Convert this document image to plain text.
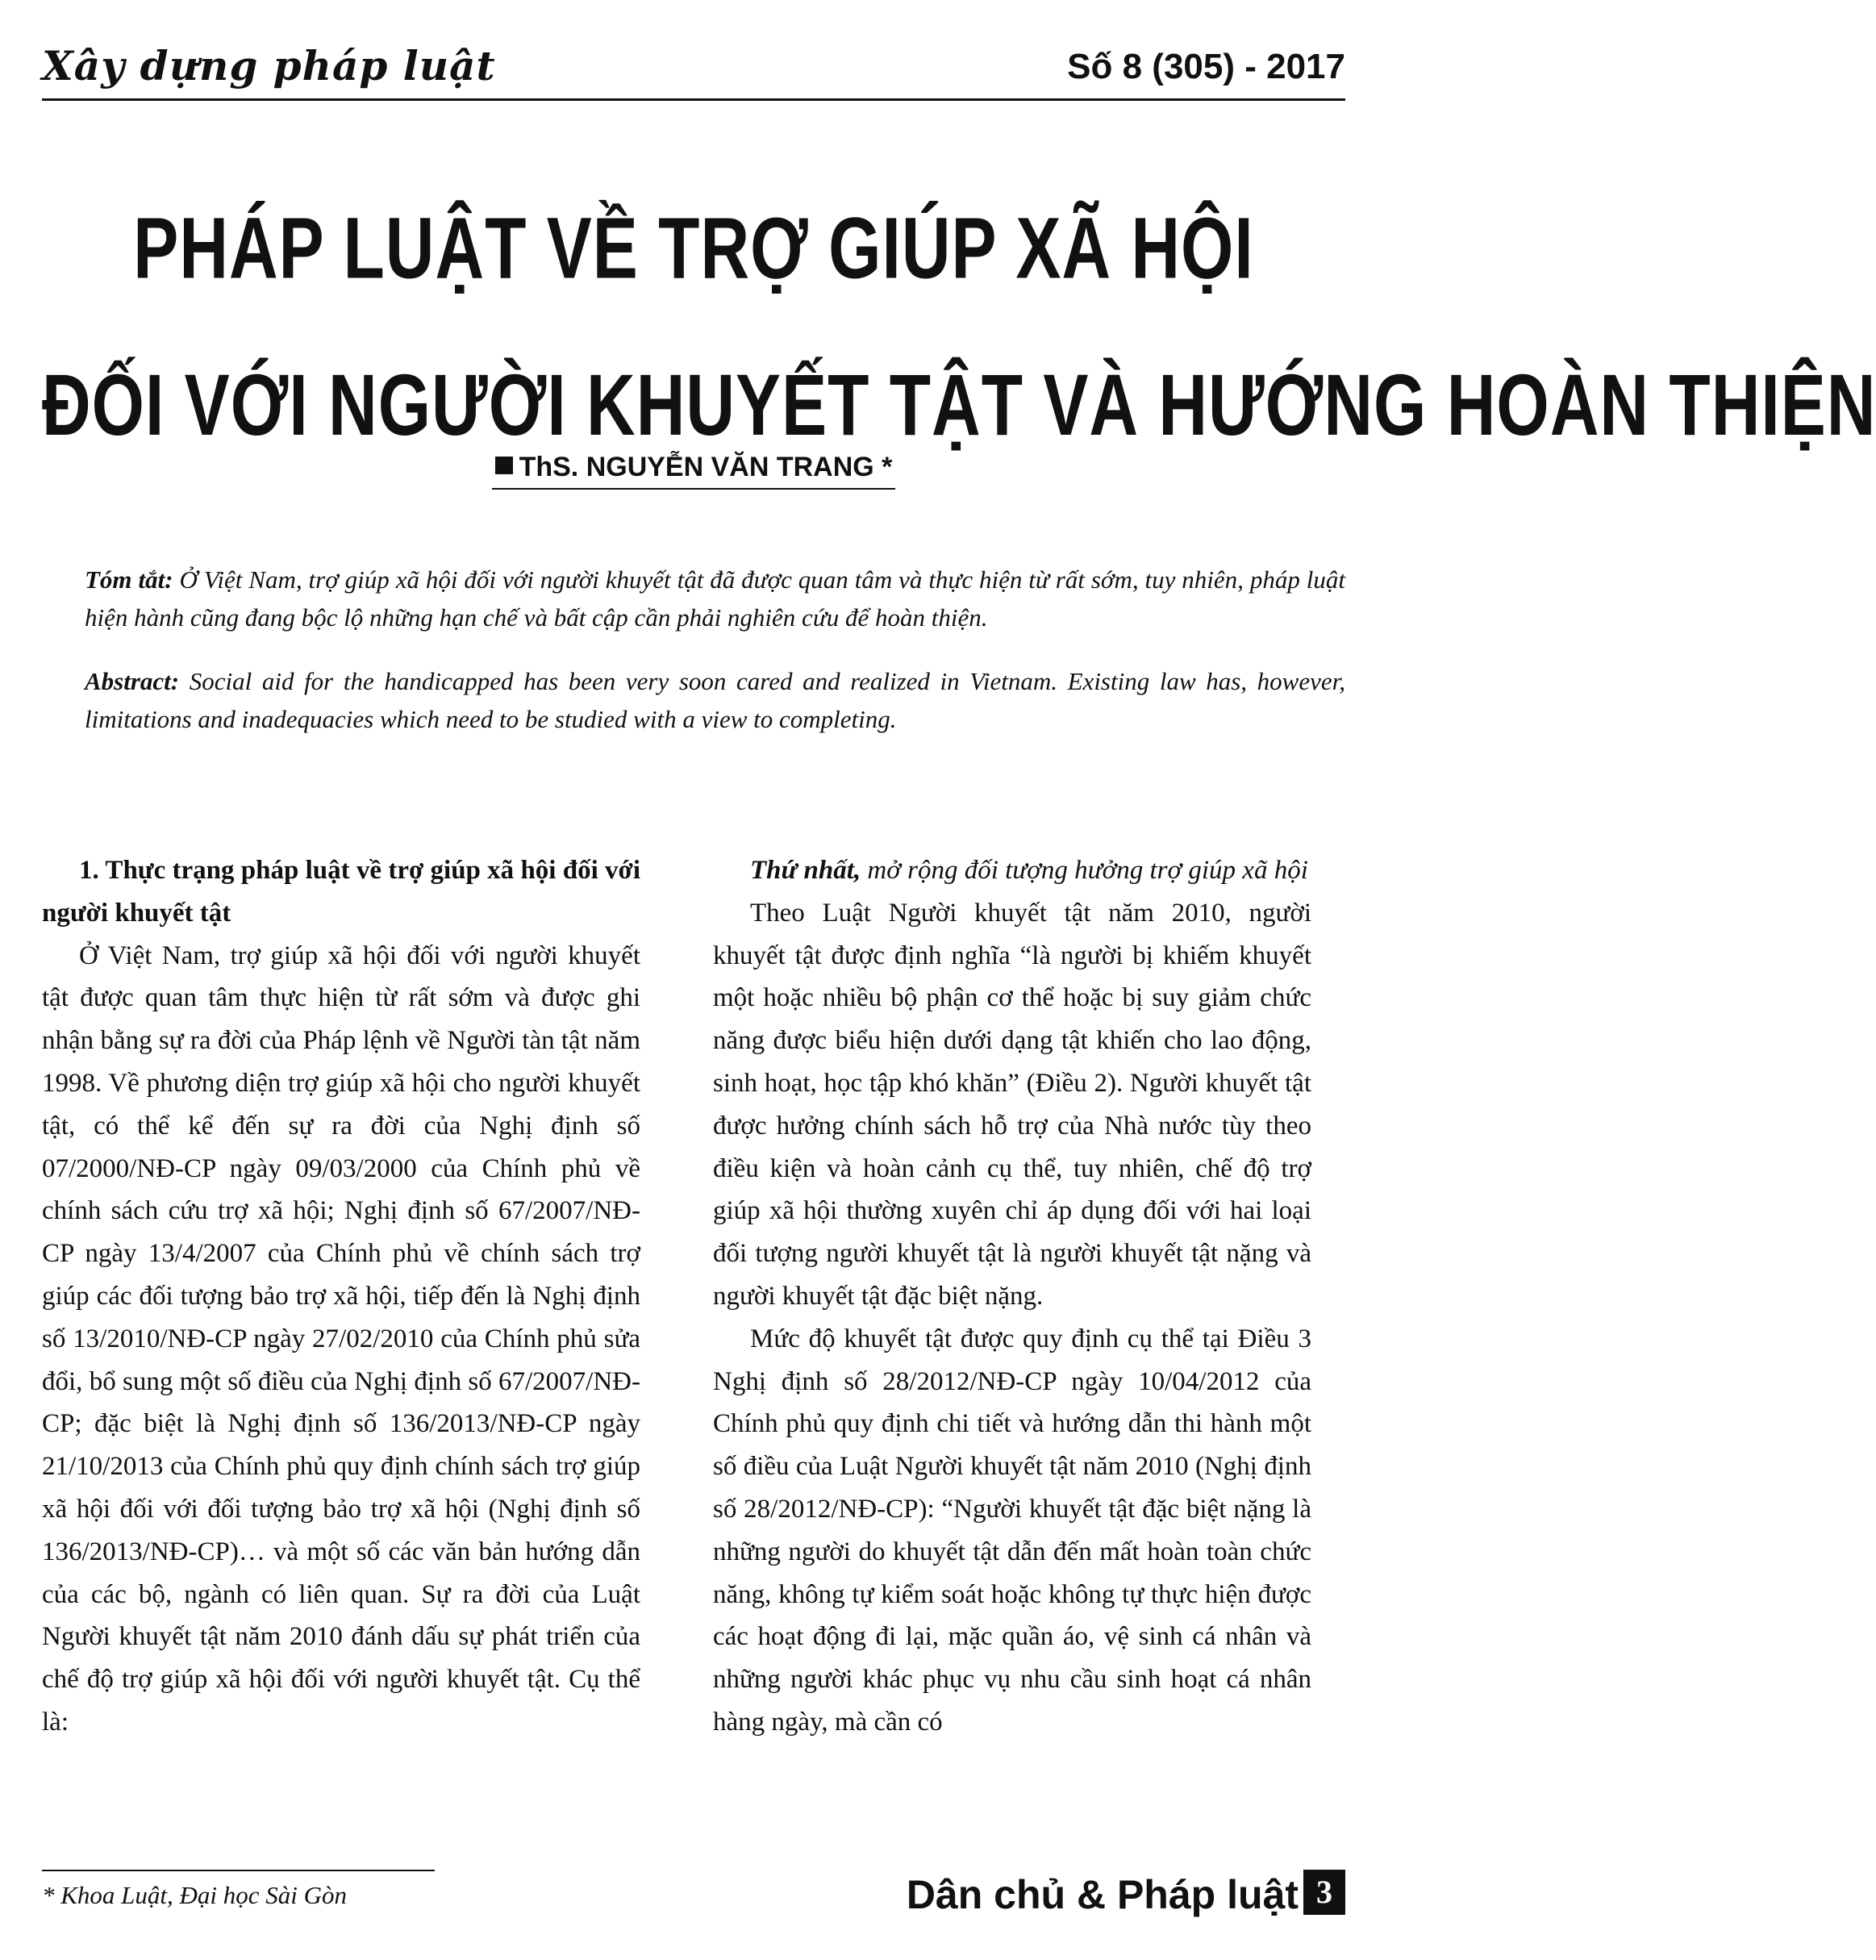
Xây dựng pháp luật	Số 8 (305) - 2017
PHÁP LUẬT VỀ TRỢ GIÚP XÃ HỘI
ĐỐI VỚI NGƯỜI KHUYẾT TẬT VÀ HƯỚNG HOÀN THIỆN
ThS. NGUYỄN VĂN TRANG *

Tóm tắt: Ở Việt Nam, trợ giúp xã hội đối với người khuyết tật đã được quan tâm và thực hiện từ rất sớm, tuy nhiên, pháp luật hiện hành cũng đang bộc lộ những hạn chế và bất cập cần phải nghiên cứu để hoàn thiện.

Abstract: Social aid for the handicapped has been very soon cared and realized in Vietnam. Existing law has, however, limitations and inadequacies which need to be studied with a view to completing.

1. Thực trạng pháp luật về trợ giúp xã hội đối với người khuyết tật

Ở Việt Nam, trợ giúp xã hội đối với người khuyết tật được quan tâm thực hiện từ rất sớm và được ghi nhận bằng sự ra đời của Pháp lệnh về Người tàn tật năm 1998. Về phương diện trợ giúp xã hội cho người khuyết tật, có thể kể đến sự ra đời của Nghị định số 07/2000/NĐ-CP ngày 09/03/2000 của Chính phủ về chính sách cứu trợ xã hội; Nghị định số 67/2007/NĐ-CP ngày 13/4/2007 của Chính phủ về chính sách trợ giúp các đối tượng bảo trợ xã hội, tiếp đến là Nghị định số 13/2010/NĐ-CP ngày 27/02/2010 của Chính phủ sửa đổi, bổ sung một số điều của Nghị định số 67/2007/NĐ-CP; đặc biệt là Nghị định số 136/2013/NĐ-CP ngày 21/10/2013 của Chính phủ quy định chính sách trợ giúp xã hội đối với đối tượng bảo trợ xã hội (Nghị định số 136/2013/NĐ-CP)… và một số các văn bản hướng dẫn của các bộ, ngành có liên quan. Sự ra đời của Luật Người khuyết tật năm 2010 đánh dấu sự phát triển của chế độ trợ giúp xã hội đối với người khuyết tật. Cụ thể là:

Thứ nhất, mở rộng đối tượng hưởng trợ giúp xã hội

Theo Luật Người khuyết tật năm 2010, người khuyết tật được định nghĩa “là người bị khiếm khuyết một hoặc nhiều bộ phận cơ thể hoặc bị suy giảm chức năng được biểu hiện dưới dạng tật khiến cho lao động, sinh hoạt, học tập khó khăn” (Điều 2). Người khuyết tật được hưởng chính sách hỗ trợ của Nhà nước tùy theo điều kiện và hoàn cảnh cụ thể, tuy nhiên, chế độ trợ giúp xã hội thường xuyên chỉ áp dụng đối với hai loại đối tượng người khuyết tật là người khuyết tật nặng và người khuyết tật đặc biệt nặng.

Mức độ khuyết tật được quy định cụ thể tại Điều 3 Nghị định số 28/2012/NĐ-CP ngày 10/04/2012 của Chính phủ quy định chi tiết và hướng dẫn thi hành một số điều của Luật Người khuyết tật năm 2010 (Nghị định số 28/2012/NĐ-CP): “Người khuyết tật đặc biệt nặng là những người do khuyết tật dẫn đến mất hoàn toàn chức năng, không tự kiểm soát hoặc không tự thực hiện được các hoạt động đi lại, mặc quần áo, vệ sinh cá nhân và những người khác phục vụ nhu cầu sinh hoạt cá nhân hàng ngày, mà cần có

* Khoa Luật, Đại học Sài Gòn	Dân chủ & Pháp luật 3
